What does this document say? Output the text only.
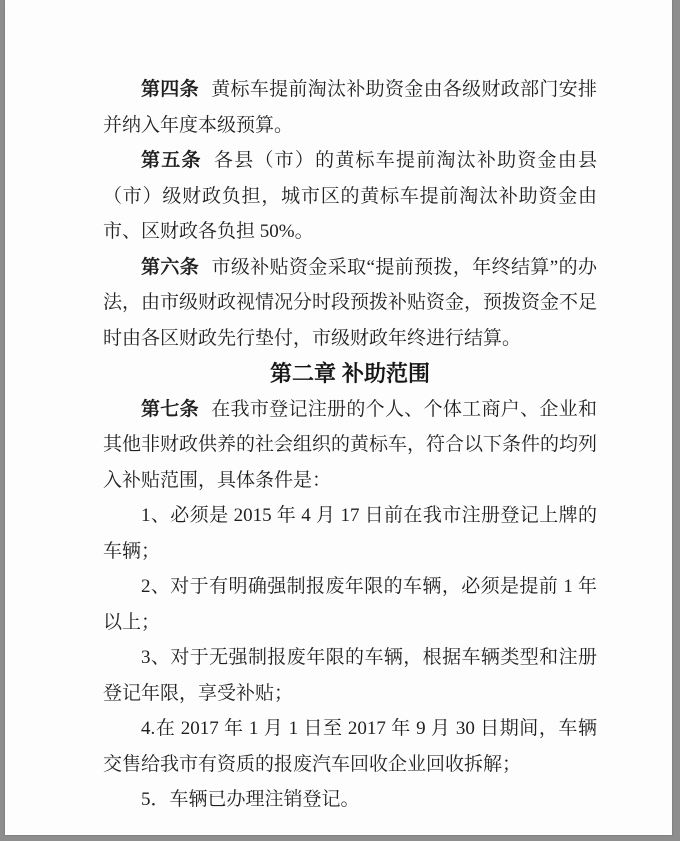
第四条 黄标车提前淘汰补助资金由各级财政部门安排并纳入年度本级预算。

第五条 各县（市）的黄标车提前淘汰补助资金由县（市）级财政负担，城市区的黄标车提前淘汰补助资金由市、区财政各负担 50%。

第六条 市级补贴资金采取“提前预拨，年终结算”的办法，由市级财政视情况分时段预拨补贴资金，预拨资金不足时由各区财政先行垫付，市级财政年终进行结算。

第二章 补助范围

第七条 在我市登记注册的个人、个体工商户、企业和其他非财政供养的社会组织的黄标车，符合以下条件的均列入补贴范围，具体条件是：

1、必须是 2015 年 4 月 17 日前在我市注册登记上牌的车辆；

2、对于有明确强制报废年限的车辆，必须是提前 1 年以上；

3、对于无强制报废年限的车辆，根据车辆类型和注册登记年限，享受补贴；

4.在 2017 年 1 月 1 日至 2017 年 9 月 30 日期间，车辆交售给我市有资质的报废汽车回收企业回收拆解；

5．车辆已办理注销登记。
